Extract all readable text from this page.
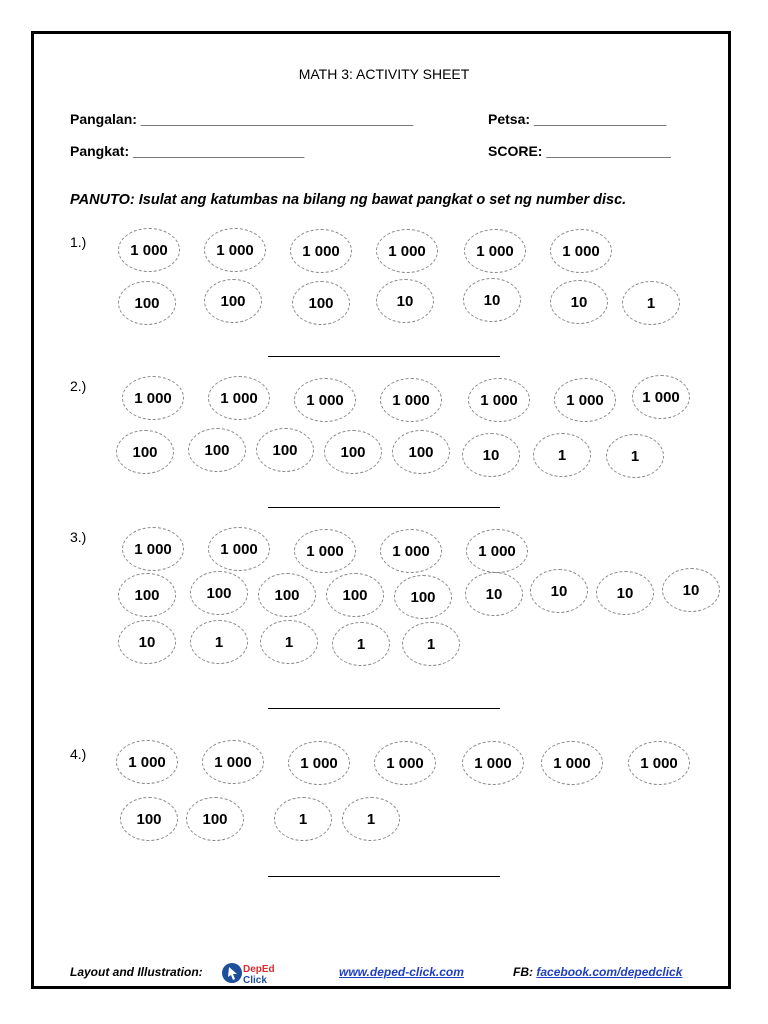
MATH 3: ACTIVITY SHEET
Pangalan: ___________________________________	Petsa: _________________
Pangkat: ______________________	SCORE: ________________
PANUTO: Isulat ang katumbas na bilang ng bawat pangkat o set ng number disc.
1.)
2.)
3.)
4.)
1 000	1 000	1 000	1 000	1 000	1 000
100	100	100	10	10	10	1
1 000	1 000	1 000	1 000	1 000	1 000	1 000
100	100	100	100	100	10	1	1
1 000	1 000	1 000	1 000	1 000
100	100	100	100	100	10	10	10	10
10	1	1	1	1
1 000	1 000	1 000	1 000	1 000	1 000	1 000
100	100	1	1
Layout and Illustration:	DepEd
Click
www.deped-click.com	FB: facebook.com/depedclick
